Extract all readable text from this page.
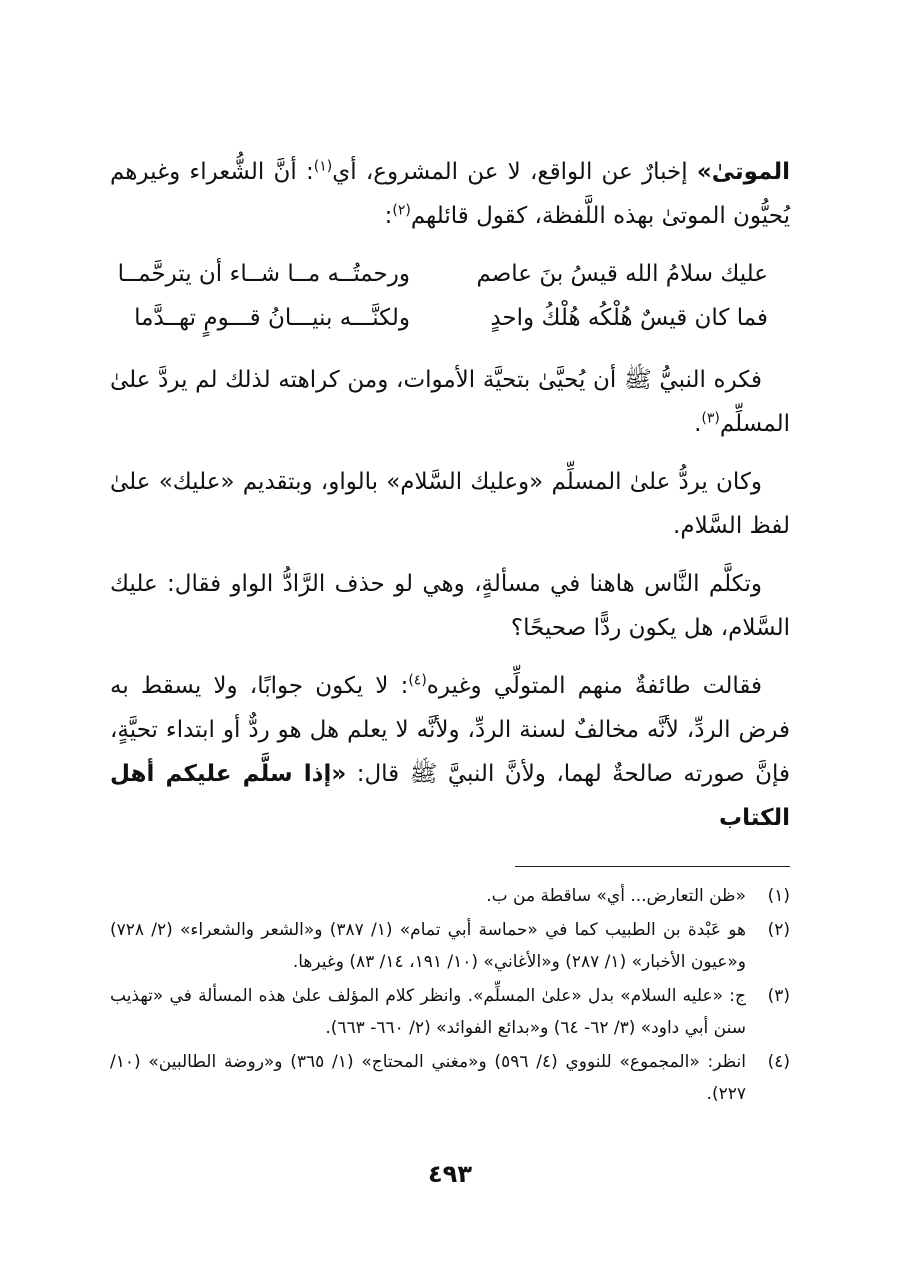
الموتىٰ» إخبارٌ عن الواقع، لا عن المشروع، أي$^{(١)}$: أنَّ الشُّعراء وغيرهم يُحيُّون الموتىٰ بهذه اللَّفظة، كقول قائلهم$^{(٢)}$:

عليك سلامُ الله قيسُ بنَ عاصم
ورحمتُــه مــا شــاء أن يترحَّمــا
فما كان قيسٌ هُلْكُه هُلْكُ واحدٍ
ولكنَّـــه بنيـــانُ قـــومٍ تهــدَّما

فكره النبيُّ ﷺ أن يُحيَّىٰ بتحيَّة الأموات، ومن كراهته لذلك لم يردَّ علىٰ المسلِّم$^{(٣)}$.

وكان يردُّ علىٰ المسلِّم «وعليك السَّلام» بالواو، وبتقديم «عليك» علىٰ لفظ السَّلام.

وتكلَّم النَّاس هاهنا في مسألةٍ، وهي لو حذف الرَّادُّ الواو فقال: عليك السَّلام، هل يكون ردًّا صحيحًا؟

فقالت طائفةٌ منهم المتولِّي وغيره$^{(٤)}$: لا يكون جوابًا، ولا يسقط به فرض الردِّ، لأنَّه مخالفٌ لسنة الردِّ، ولأنَّه لا يعلم هل هو ردٌّ أو ابتداء تحيَّةٍ، فإنَّ صورته صالحةٌ لهما، ولأنَّ النبيَّ ﷺ قال: «إذا سلَّم عليكم أهل الكتاب

(١)
«ظن التعارض... أي» ساقطة من ب.
(٢)
هو عَبْدة بن الطبيب كما في «حماسة أبي تمام» (١/ ٣٨٧) و«الشعر والشعراء» (٢/ ٧٢٨) و«عيون الأخبار» (١/ ٢٨٧) و«الأغاني» (١٠/ ١٩١، ١٤/ ٨٣) وغيرها.
(٣)
ج: «عليه السلام» بدل «علىٰ المسلِّم». وانظر كلام المؤلف علىٰ هذه المسألة في «تهذيب سنن أبي داود» (٣/ ٦٢- ٦٤) و«بدائع الفوائد» (٢/ ٦٦٠- ٦٦٣).
(٤)
انظر: «المجموع» للنووي (٤/ ٥٩٦) و«مغني المحتاج» (١/ ٣٦٥) و«روضة الطالبين» (١٠/ ٢٢٧).
٤٩٣
